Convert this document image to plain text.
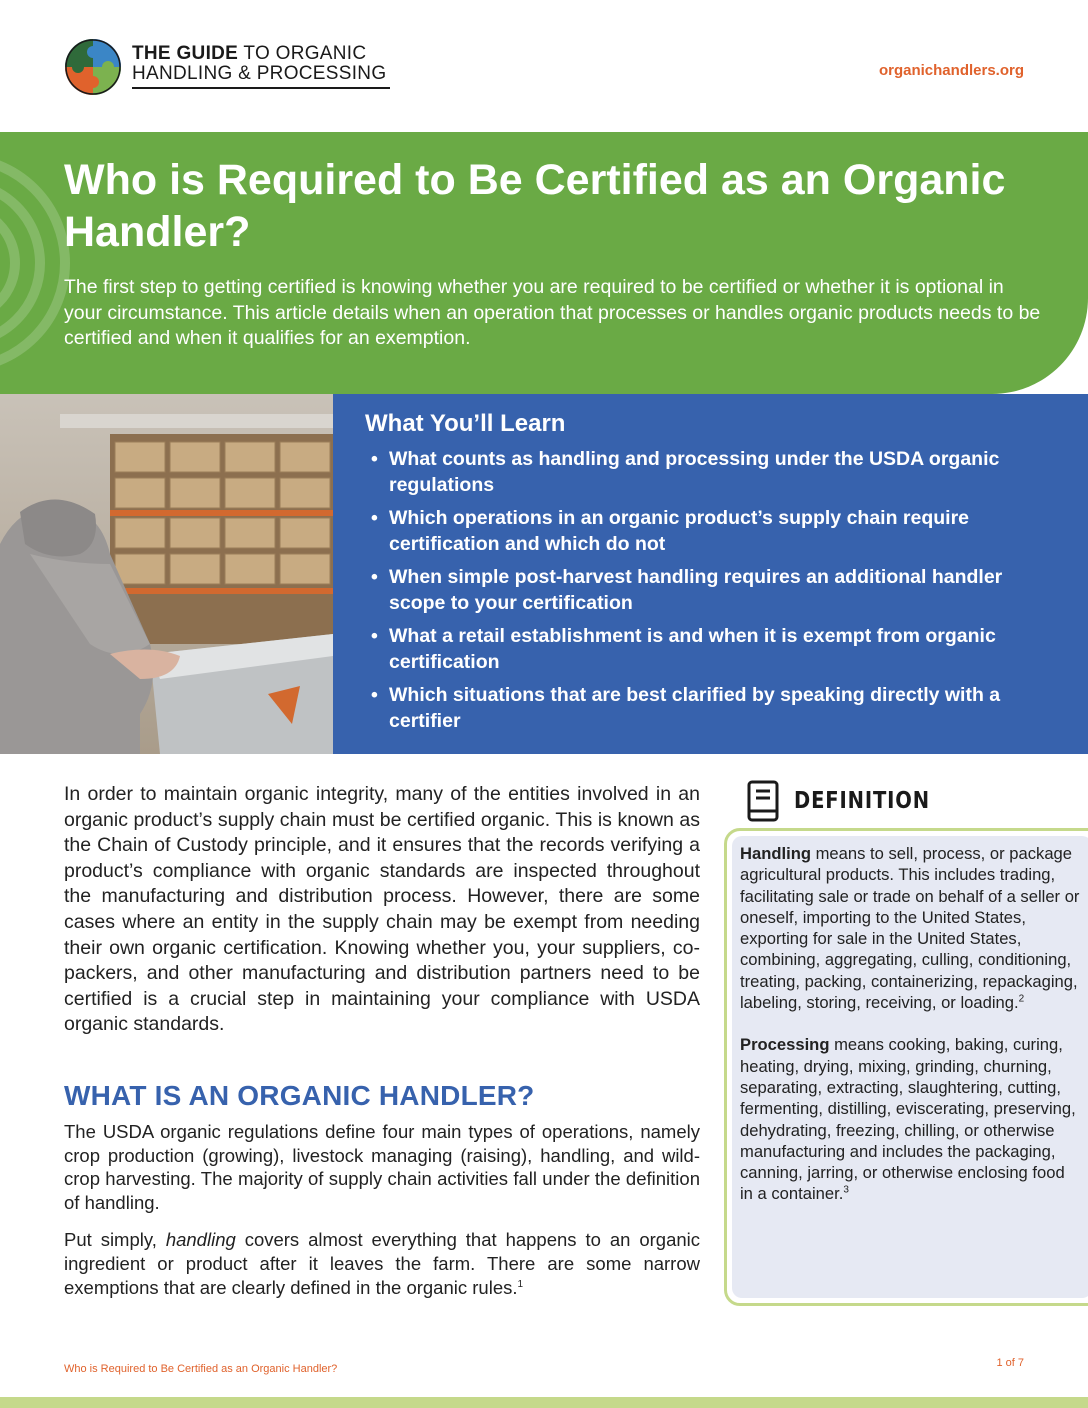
THE GUIDE TO ORGANIC
HANDLING & PROCESSING	organichandlers.org
Who is Required to Be Certified as an Organic Handler?

The first step to getting certified is knowing whether you are required to be certified or whether it is optional in your circumstance. This article details when an operation that processes or handles organic products needs to be certified and when it qualifies for an exemption.

What You’ll Learn
• What counts as handling and processing under the USDA organic regulations
• Which operations in an organic product’s supply chain require certification and which do not
• When simple post-harvest handling requires an additional handler scope to your certification
• What a retail establishment is and when it is exempt from organic certification
• Which situations that are best clarified by speaking directly with a certifier

In order to maintain organic integrity, many of the entities involved in an organic product’s supply chain must be certified organic. This is known as the Chain of Custody principle, and it ensures that the records verifying a product’s compliance with organic standards are inspected throughout the manufacturing and distribution process. However, there are some cases where an entity in the supply chain may be exempt from needing their own organic certification. Knowing whether you, your suppliers, co-packers, and other manufacturing and distribution partners need to be certified is a crucial step in maintaining your compliance with USDA organic standards.

WHAT IS AN ORGANIC HANDLER?

The USDA organic regulations define four main types of operations, namely crop production (growing), livestock managing (raising), handling, and wild-crop harvesting. The majority of supply chain activities fall under the definition of handling.

Put simply, handling covers almost everything that happens to an organic ingredient or product after it leaves the farm. There are some narrow exemptions that are clearly defined in the organic rules.$^1$

DEFINITION

Handling means to sell, process, or package agricultural products. This includes trading, facilitating sale or trade on behalf of a seller or oneself, importing to the United States, exporting for sale in the United States, combining, aggregating, culling, conditioning, treating, packing, containerizing, repackaging, labeling, storing, receiving, or loading.$^2$

Processing means cooking, baking, curing, heating, drying, mixing, grinding, churning, separating, extracting, slaughtering, cutting, fermenting, distilling, eviscerating, preserving, dehydrating, freezing, chilling, or otherwise manufacturing and includes the packaging, canning, jarring, or otherwise enclosing food in a container.$^3$

Who is Required to Be Certified as an Organic Handler?	1 of 7
